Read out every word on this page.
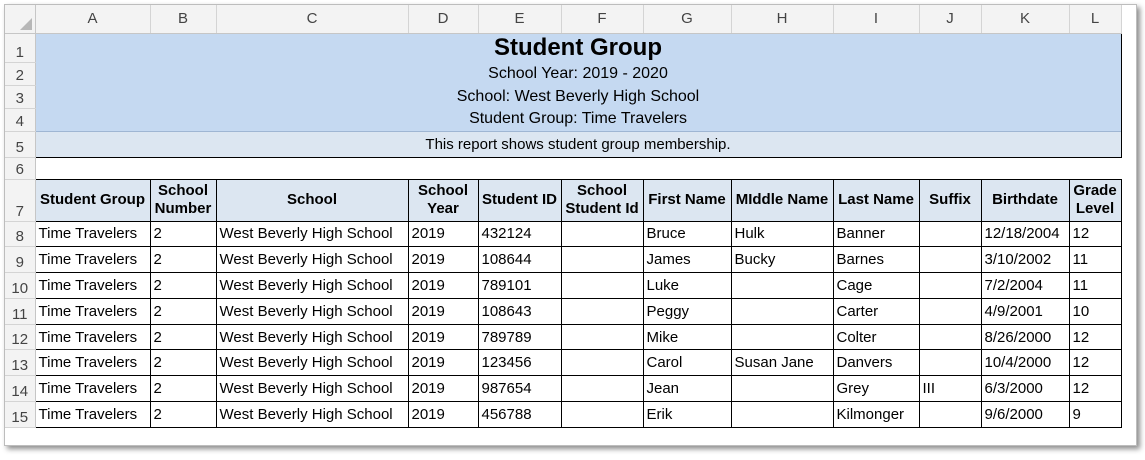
	A	B	C	D	E	F	G	H	I	J	K	L
1	Student Group											
2	School Year: 2019 - 2020											
3	School: West Beverly High School											
4	Student Group: Time Travelers											
5	This report shows student group membership.											
6												
7	Student Group	School Number	School	School Year	Student ID	School Student Id	First Name	MIddle Name	Last Name	Suffix	Birthdate	Grade Level
8	Time Travelers	2	West Beverly High School	2019	432124		Bruce	Hulk	Banner		12/18/2004	12
9	Time Travelers	2	West Beverly High School	2019	108644		James	Bucky	Barnes		3/10/2002	11
10	Time Travelers	2	West Beverly High School	2019	789101		Luke		Cage		7/2/2004	11
11	Time Travelers	2	West Beverly High School	2019	108643		Peggy		Carter		4/9/2001	10
12	Time Travelers	2	West Beverly High School	2019	789789		Mike		Colter		8/26/2000	12
13	Time Travelers	2	West Beverly High School	2019	123456		Carol	Susan Jane	Danvers		10/4/2000	12
14	Time Travelers	2	West Beverly High School	2019	987654		Jean		Grey	III	6/3/2000	12
15	Time Travelers	2	West Beverly High School	2019	456788		Erik		Kilmonger		9/6/2000	9
